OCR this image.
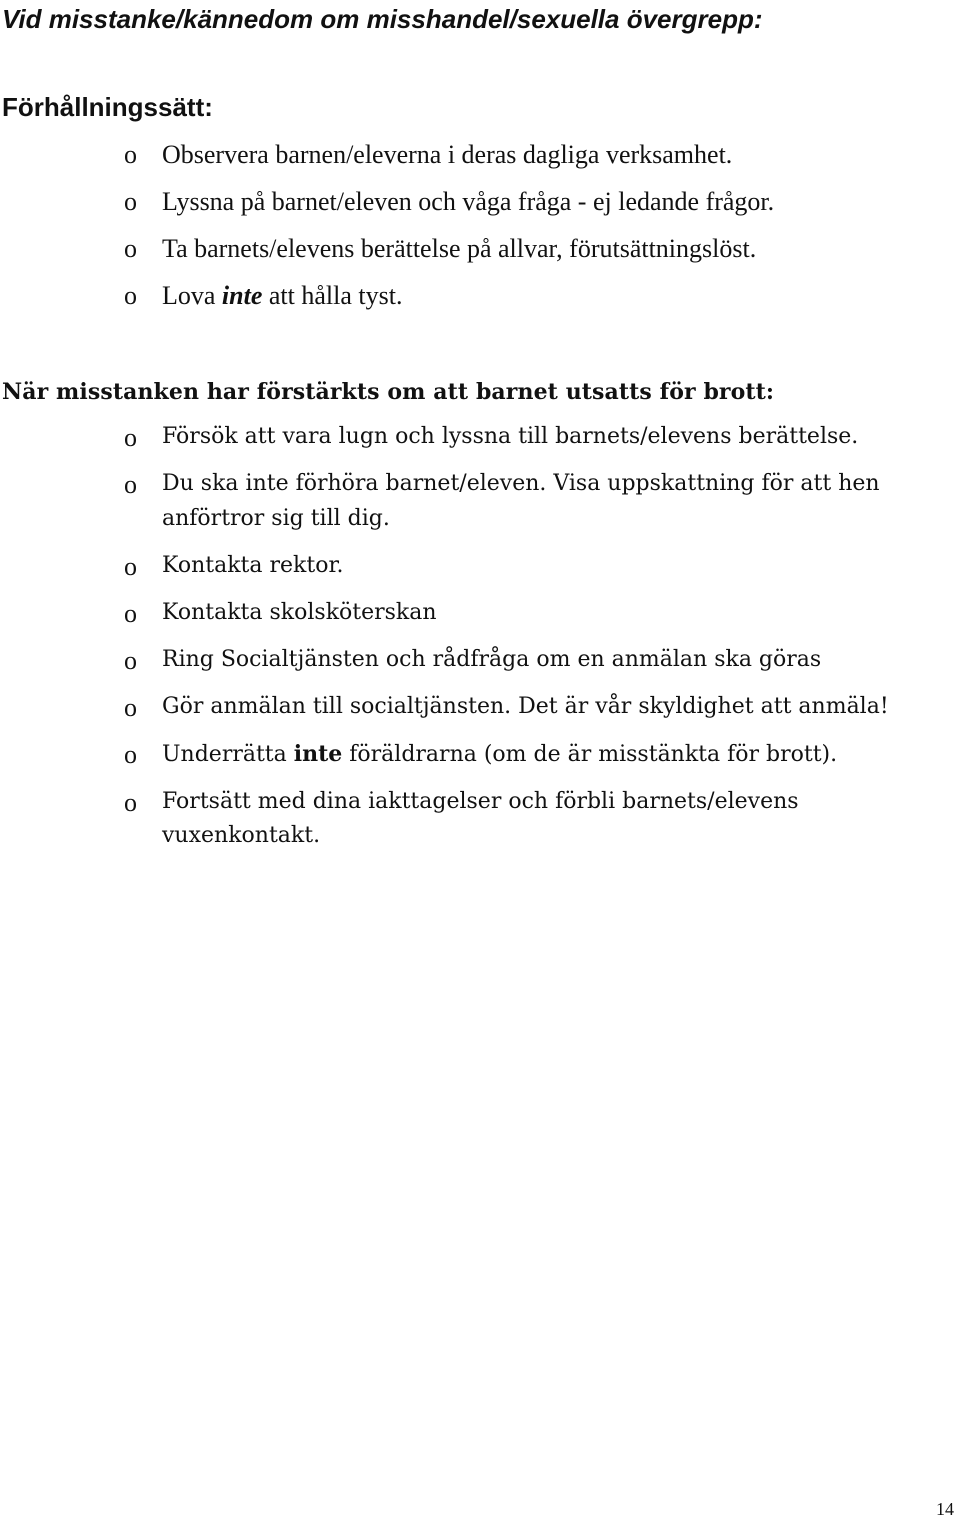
Vid misstanke/kännedom om misshandel/sexuella övergrepp:
Förhållningssätt:
o Observera barnen/eleverna i deras dagliga verksamhet.
o Lyssna på barnet/eleven och våga fråga - ej ledande frågor.
o Ta barnets/elevens berättelse på allvar, förutsättningslöst.
o Lova inte att hålla tyst.
När misstanken har förstärkts om att barnet utsatts för brott:
o Försök att vara lugn och lyssna till barnets/elevens berättelse.
o Du ska inte förhöra barnet/eleven. Visa uppskattning för att hen anförtror sig till dig.
o Kontakta rektor.
o Kontakta skolsköterskan
o Ring Socialtjänsten och rådfråga om en anmälan ska göras
o Gör anmälan till socialtjänsten. Det är vår skyldighet att anmäla!
o Underrätta inte föräldrarna (om de är misstänkta för brott).
o Fortsätt med dina iakttagelser och förbli barnets/elevens vuxenkontakt.
14
